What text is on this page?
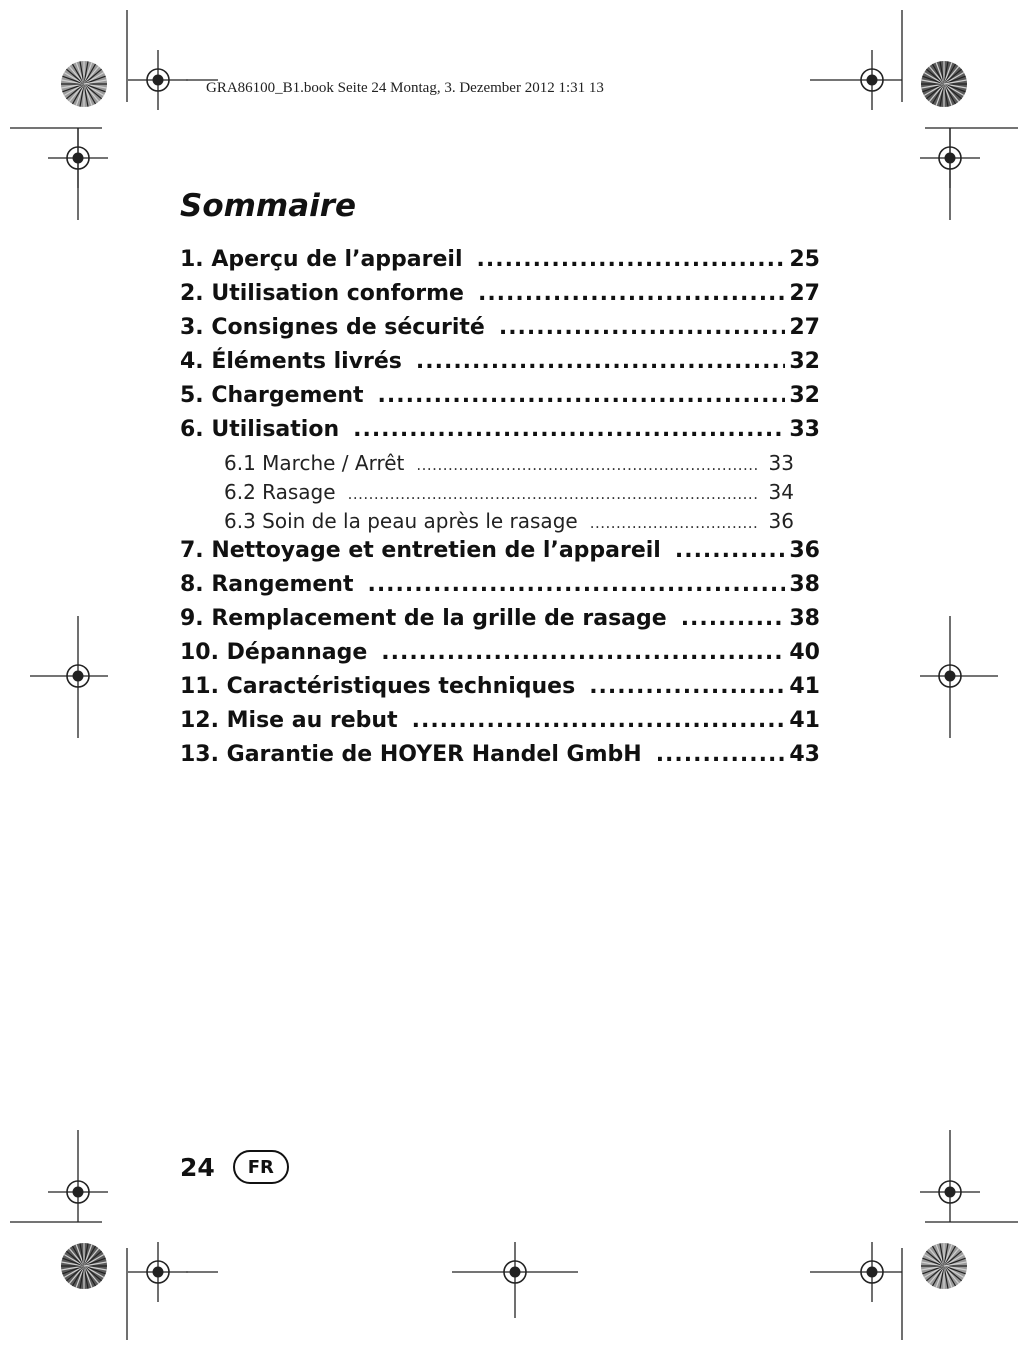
GRA86100_B1.book Seite 24 Montag, 3. Dezember 2012 1:31 13
Sommaire
1. Aperçu de l’appareil .....	25
2. Utilisation conforme .....	27
3. Consignes de sécurité .....	27
4. Éléments livrés .....	32
5. Chargement .....	32
6. Utilisation .....	33
6.1 Marche / Arrêt .....	33
6.2 Rasage .....	34
6.3 Soin de la peau après le rasage .....	36
7. Nettoyage et entretien de l’appareil .....	36
8. Rangement .....	38
9. Remplacement de la grille de rasage .....	38
10. Dépannage .....	40
11. Caractéristiques techniques .....	41
12. Mise au rebut .....	41
13. Garantie de HOYER Handel GmbH .....	43
24	FR
